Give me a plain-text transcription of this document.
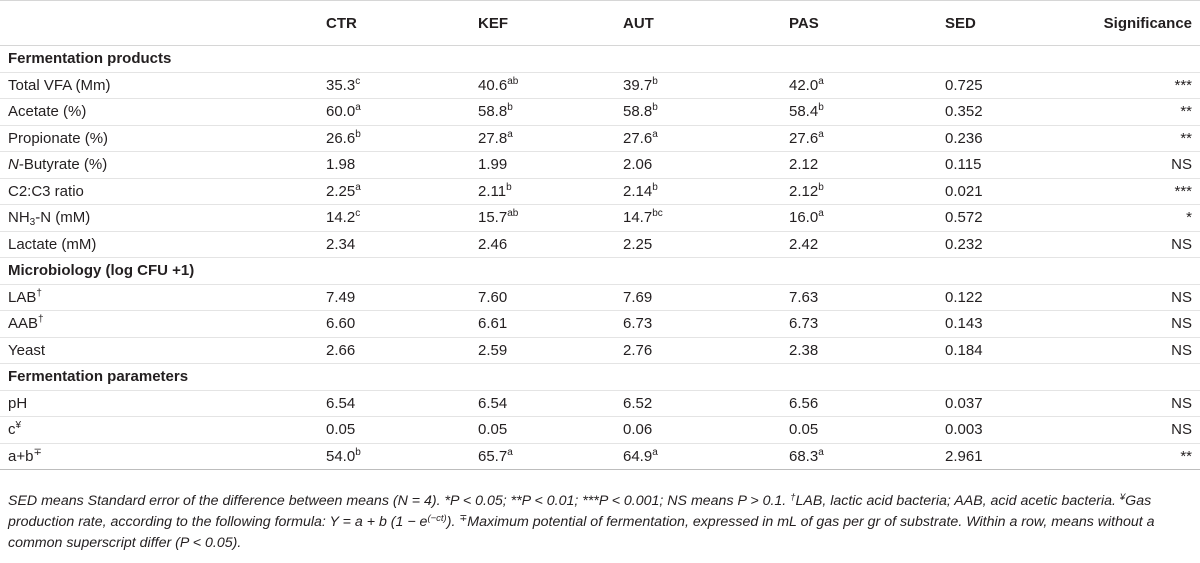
	CTR	KEF	AUT	PAS	SED	Significance
Fermentation products						
Total VFA (Mm)	35.3$^c$	40.6$^{ab}$	39.7$^b$	42.0$^a$	0.725	***
Acetate (%)	60.0$^a$	58.8$^b$	58.8$^b$	58.4$^b$	0.352	**
Propionate (%)	26.6$^b$	27.8$^a$	27.6$^a$	27.6$^a$	0.236	**
N-Butyrate (%)	1.98	1.99	2.06	2.12	0.115	NS
C2:C3 ratio	2.25$^a$	2.11$^b$	2.14$^b$	2.12$^b$	0.021	***
$NH_3-N$ (mM)	14.2$^c$	15.7$^{ab}$	14.7$^{bc}$	16.0$^a$	0.572	*
Lactate (mM)	2.34	2.46	2.25	2.42	0.232	NS
Microbiology (log CFU +1)						
LAB†	7.49	7.60	7.69	7.63	0.122	NS
AAB†	6.60	6.61	6.73	6.73	0.143	NS
Yeast	2.66	2.59	2.76	2.38	0.184	NS
Fermentation parameters						
pH	6.54	6.54	6.52	6.56	0.037	NS
c¥	0.05	0.05	0.06	0.05	0.003	NS
a+b∓	54.0$^b$	65.7$^a$	64.9$^a$	68.3$^a$	2.961	**
SED means Standard error of the difference between means (N = 4). *P < 0.05; **P < 0.01; ***P < 0.001; NS means P > 0.1. †LAB, lactic acid bacteria; AAB, acid acetic bacteria. ¥Gas production rate, according to the following formula: Y = a + b $(1 - e^{(-ct)})$. ∓Maximum potential of fermentation, expressed in mL of gas per gr of substrate. Within a row, means without a common superscript differ (P < 0.05).
